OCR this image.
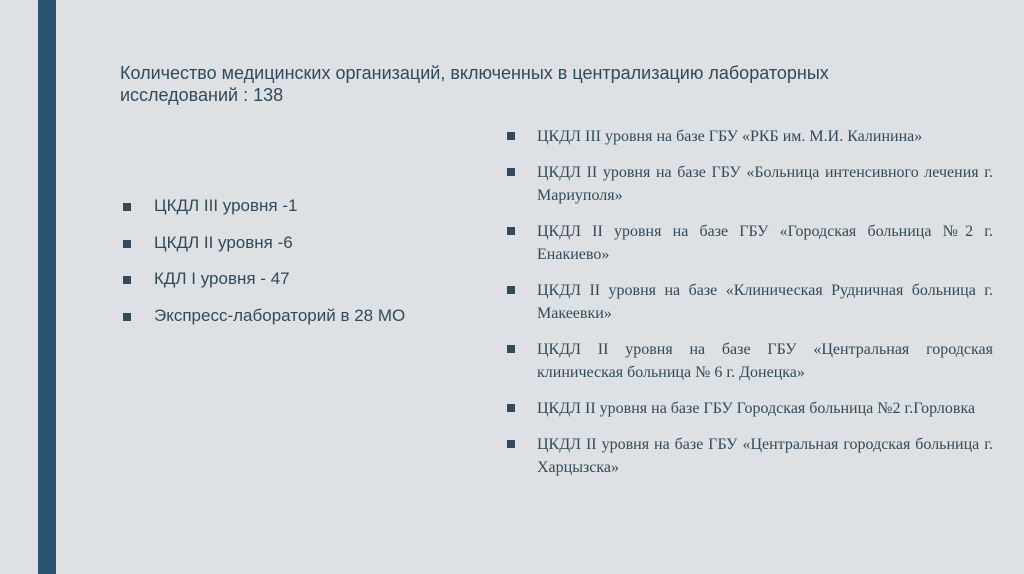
Количество медицинских организаций, включенных в централизацию лабораторных исследований : 138
ЦКДЛ III уровня -1
ЦКДЛ II уровня -6
КДЛ I уровня - 47
Экспресс-лабораторий в 28 МО
ЦКДЛ III уровня на базе ГБУ «РКБ им. М.И. Калинина»
ЦКДЛ II уровня на базе ГБУ «Больница интенсивного лечения г. Мариуполя»
ЦКДЛ II уровня на базе ГБУ «Городская больница №2 г. Енакиево»
ЦКДЛ II уровня на базе «Клиническая Рудничная больница г. Макеевки»
ЦКДЛ II уровня на базе ГБУ «Центральная городская клиническая больница № 6 г. Донецка»
ЦКДЛ II уровня на базе ГБУ Городская больница №2 г.Горловка
ЦКДЛ II уровня на базе ГБУ «Центральная городская больница г. Харцызска»
